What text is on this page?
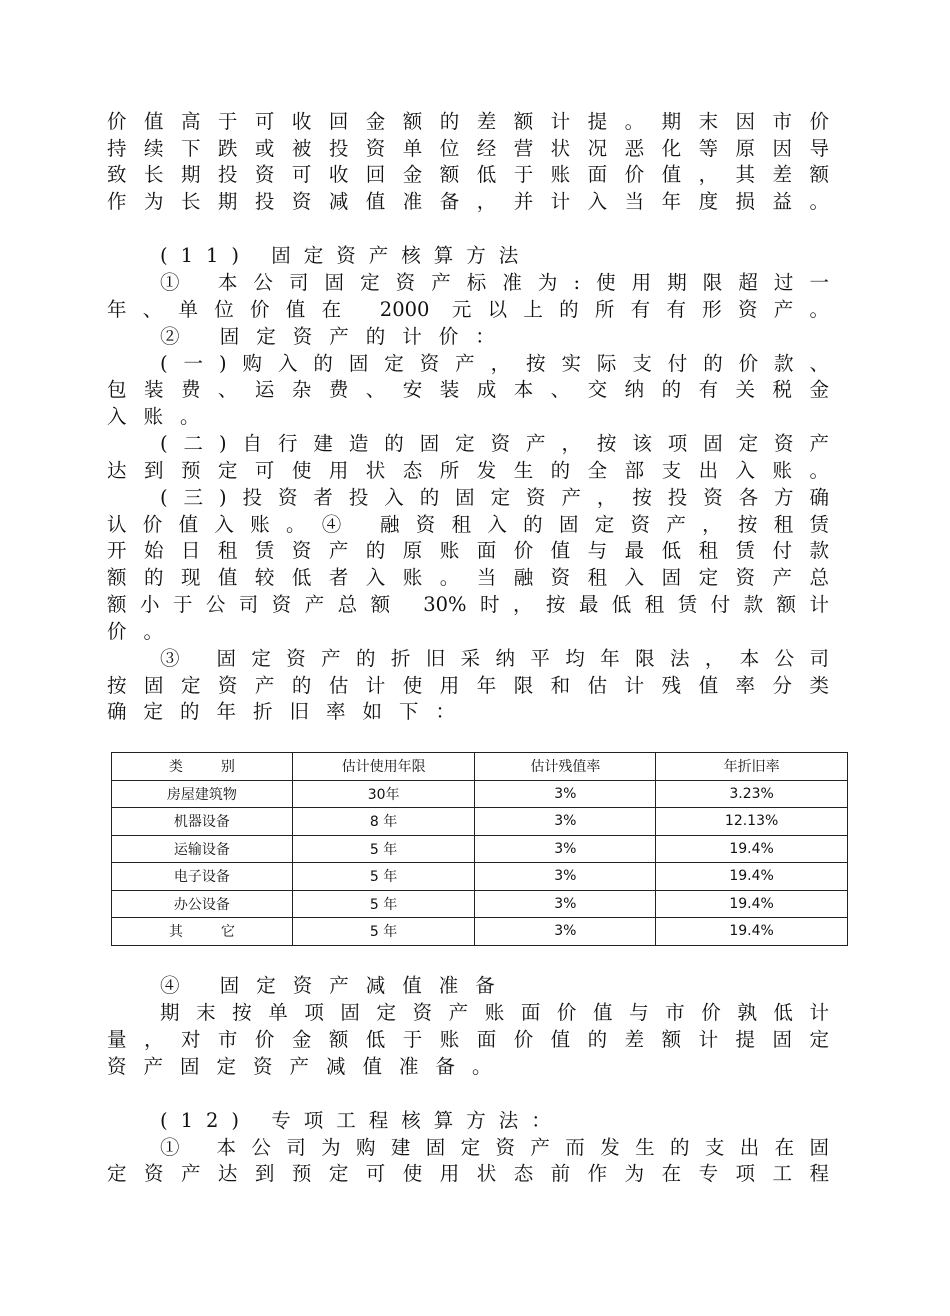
价值高于可收回金额的差额计提。期末因市价
持续下跌或被投资单位经营状况恶化等原因导
致长期投资可收回金额低于账面价值，其差额
作为长期投资减值准备，并计入当年度损益。
(11) 固定资产核算方法
① 本公司固定资产标准为:使用期限超过一
年、单位价值在 2000 元以上的所有有形资产。
② 固定资产的计价：
(一)购入的固定资产，按实际支付的价款、
包装费、运杂费、安装成本、交纳的有关税金
入账。
(二)自行建造的固定资产，按该项固定资产
达到预定可使用状态所发生的全部支出入账。
(三)投资者投入的固定资产，按投资各方确
认价值入账。④ 融资租入的固定资产，按租赁
开始日租赁资产的原账面价值与最低租赁付款
额的现值较低者入账。当融资租入固定资产总
额小于公司资产总额 30%时，按最低租赁付款额计
价。
③ 固定资产的折旧采纳平均年限法，本公司
按固定资产的估计使用年限和估计残值率分类
确定的年折旧率如下：
类别	估计使用年限	估计残值率	年折旧率
房屋建筑物	30年	3%	3.23%
机器设备	8 年	3%	12.13%
运输设备	5 年	3%	19.4%
电子设备	5 年	3%	19.4%
办公设备	5 年	3%	19.4%
其它	5 年	3%	19.4%
④ 固定资产减值准备
期末按单项固定资产账面价值与市价孰低计
量，对市价金额低于账面价值的差额计提固定
资产固定资产减值准备。
(12) 专项工程核算方法：
① 本公司为购建固定资产而发生的支出在固
定资产达到预定可使用状态前作为在专项工程
